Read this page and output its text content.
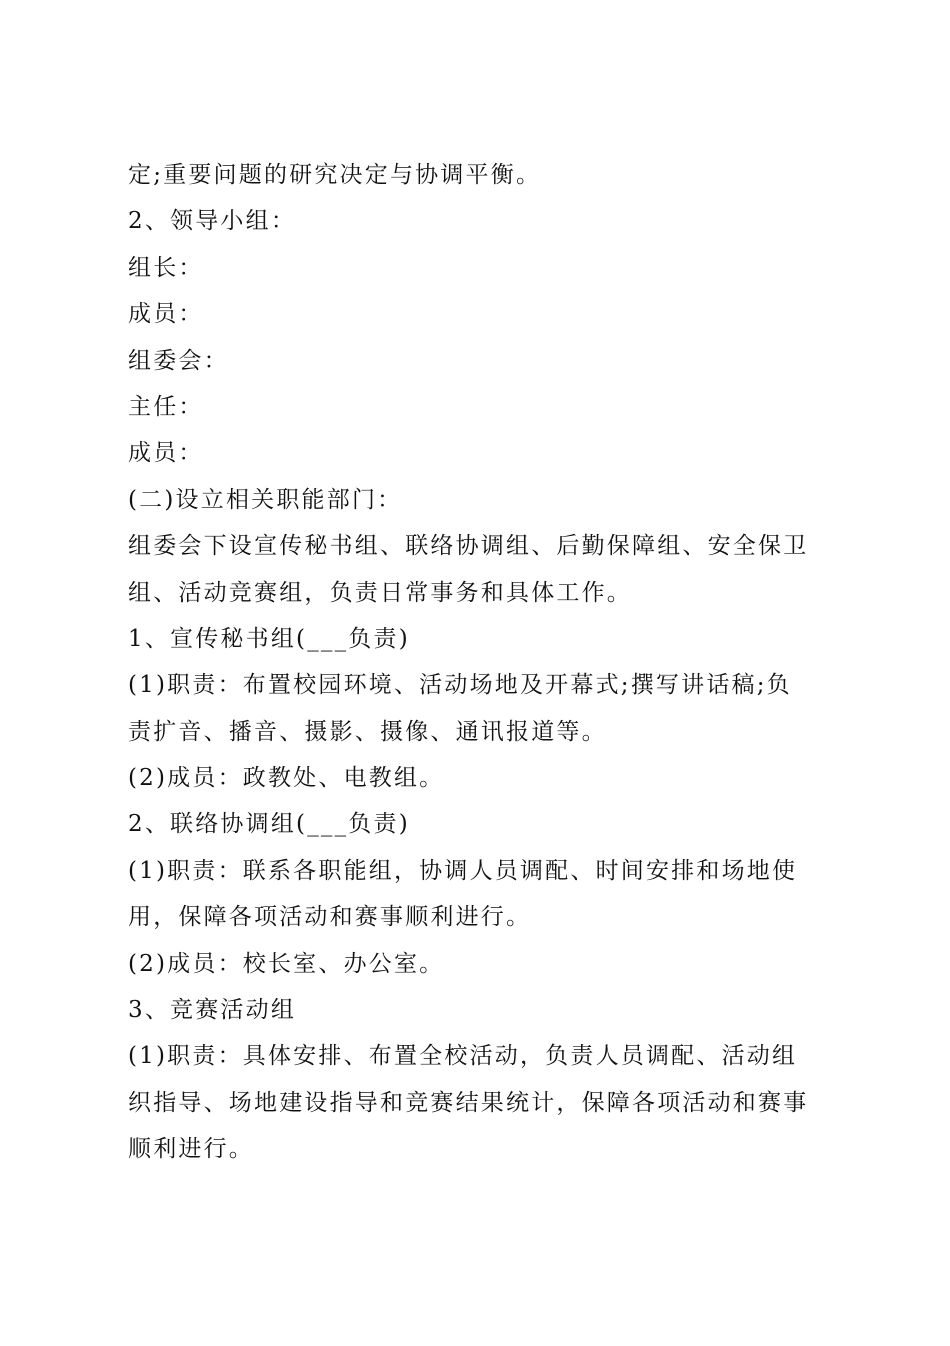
定;重要问题的研究决定与协调平衡。
2、领导小组：
组长：
成员：
组委会：
主任：
成员：
(二)设立相关职能部门：
组委会下设宣传秘书组、联络协调组、后勤保障组、安全保卫
组、活动竞赛组，负责日常事务和具体工作。
1、宣传秘书组(___负责)
(1)职责：布置校园环境、活动场地及开幕式;撰写讲话稿;负
责扩音、播音、摄影、摄像、通讯报道等。
(2)成员：政教处、电教组。
2、联络协调组(___负责)
(1)职责：联系各职能组，协调人员调配、时间安排和场地使
用，保障各项活动和赛事顺利进行。
(2)成员：校长室、办公室。
3、竞赛活动组
(1)职责：具体安排、布置全校活动，负责人员调配、活动组
织指导、场地建设指导和竞赛结果统计，保障各项活动和赛事
顺利进行。
